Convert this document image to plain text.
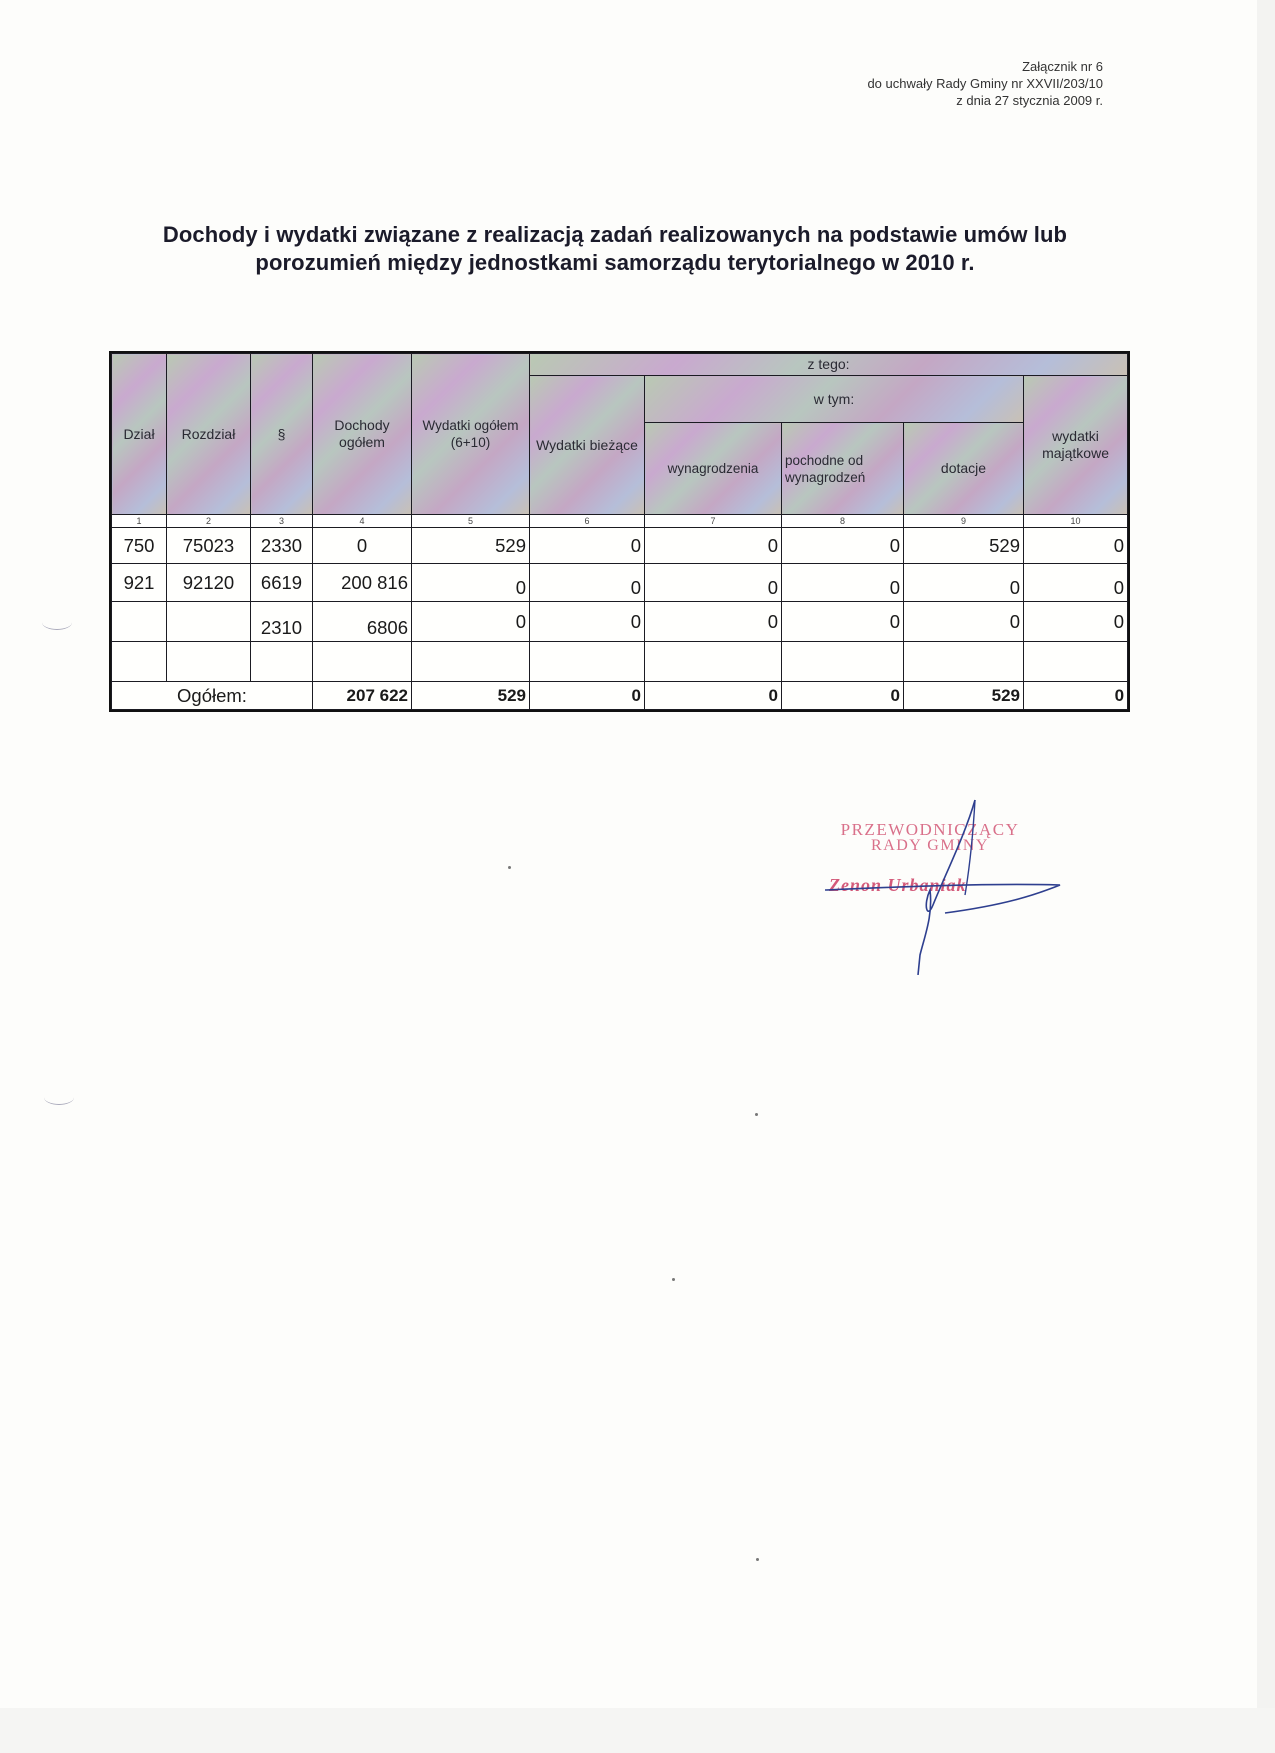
Załącznik nr 6
do uchwały Rady Gminy nr XXVII/203/10
z dnia 27 stycznia 2009 r.
Dochody i wydatki związane z realizacją zadań realizowanych na podstawie umów lub
porozumień między jednostkami samorządu terytorialnego w 2010 r.
Dział	Rozdział	§	Dochody ogółem	Wydatki ogółem (6+10)	z tego:				
					Wydatki bieżące	w tym:			wydatki majątkowe
						wynagrodzenia	pochodne od wynagrodzeń	dotacje	
1	2	3	4	5	6	7	8	9	10
750	75023	2330	0	529	0	0	0	529	0
921	92120	6619	200 816	0	0	0	0	0	0
		2310	6806	0	0	0	0	0	0

Ogółem:			207 622	529	0	0	0	529	0
PRZEWODNICZĄCY
RADY GMINY
Zenon Urbaniak
